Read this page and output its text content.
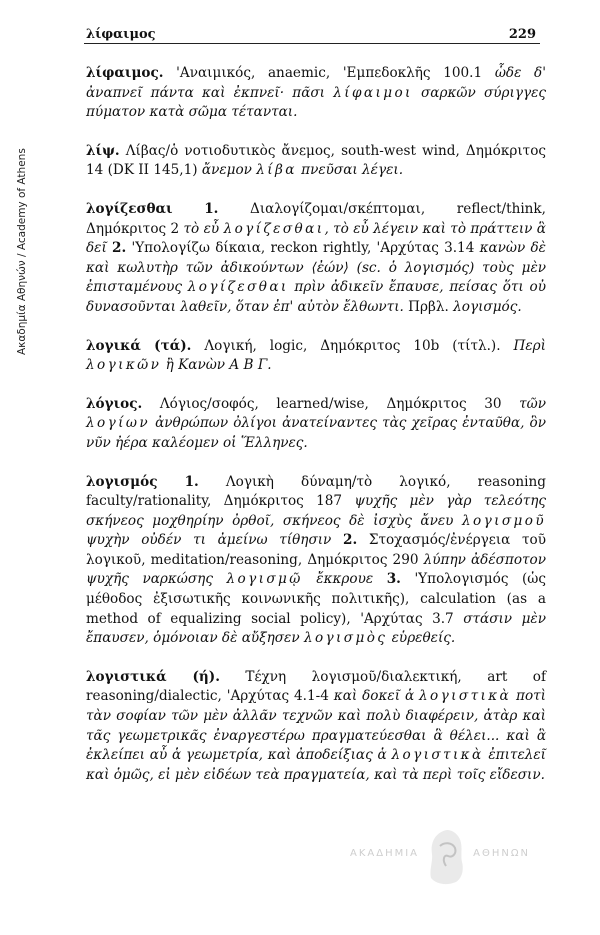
λίφαιμος	229
Ακαδημία Αθηνών / Academy of Athens

λίφαιμος. 'Αναιμικός, anaemic, 'Εμπεδοκλῆς 100.1 ὧδε δ' ἀναπνεῖ πάντα καὶ ἐκπνεῖ· πᾶσι λίφαιμοι σαρκῶν σύριγγες πύματον κατὰ σῶμα τέτανται.

λίψ. Λίβας/ὁ νοτιοδυτικὸς ἄνεμος, south-west wind, Δημόκριτος 14 (DK II 145,1) ἄνεμον λίβα πνεῦσαι λέγει.

λογίζεσθαι 1. Διαλογίζομαι/σκέπτομαι, reflect/think, Δημόκριτος 2 τὸ εὖ λογίζεσθαι, τὸ εὖ λέγειν καὶ τὸ πράττειν ἃ δεῖ 2. 'Υπολογίζω δίκαια, reckon rightly, 'Αρχύτας 3.14 κανὼν δὲ καὶ κωλυτὴρ τῶν ἀδικούντων ⟨ἐών⟩ (sc. ὁ λογισμός) τοὺς μὲν ἐπισταμένους λογίζεσθαι πρὶν ἀδικεῖν ἔπαυσε, πείσας ὅτι οὐ δυνασοῦνται λαθεῖν, ὅταν ἐπ' αὐτὸν ἔλθωντι. Πρβλ. λογισμός.

λογικά (τά). Λογική, logic, Δημόκριτος 10b (τίτλ.). Περὶ λογικῶν ἢ Κανὼν Α Β Γ.

λόγιος. Λόγιος/σοφός, learned/wise, Δημόκριτος 30 τῶν λογίων ἀνθρώπων ὀλίγοι ἀνατείναντες τὰς χεῖρας ἐνταῦθα, ὃν νῦν ἠέρα καλέομεν οἱ Ἕλληνες.

λογισμός 1. Λογικὴ δύναμη/τὸ λογικό, reasoning faculty/rationality, Δημόκριτος 187 ψυχῆς μὲν γὰρ τελεότης σκήνεος μοχθηρίην ὀρθοῖ, σκήνεος δὲ ἰσχὺς ἄνευ λογισμοῦ ψυχὴν οὐδέν τι ἀμείνω τίθησιν 2. Στοχασμός/ἐνέργεια τοῦ λογικοῦ, meditation/reasoning, Δημόκριτος 290 λύπην ἀδέσποτον ψυχῆς ναρκώσης λογισμῷ ἔκκρουε 3. 'Υπολογισμός (ὡς μέθοδος ἐξισωτικῆς κοινωνικῆς πολιτικῆς), calculation (as a method of equalizing social policy), 'Αρχύτας 3.7 στάσιν μὲν ἔπαυσεν, ὁμόνοιαν δὲ αὔξησεν λογισμὸς εὑρεθείς.

λογιστικά (ή). Τέχνη λογισμοῦ/διαλεκτική, art of reasoning/dialectic, 'Αρχύτας 4.1-4 καὶ δοκεῖ ἁ λογιστικὰ ποτὶ τὰν σοφίαν τῶν μὲν ἀλλᾶν τεχνῶν καὶ πολὺ διαφέρειν, ἀτὰρ καὶ τᾶς γεωμετρικᾶς ἐναργεστέρω πραγματεύεσθαι ἃ θέλει... καὶ ἃ ἐκλείπει αὖ ἁ γεωμετρία, καὶ ἀποδείξιας ἁ λογιστικὰ ἐπιτελεῖ καὶ ὁμῶς, εἰ μὲν εἰδέων τεὰ πραγματεία, καὶ τὰ περὶ τοῖς εἴδεσιν.

ΑΚΑΔΗΜΙΑ	ΑΘΗΝΩΝ
